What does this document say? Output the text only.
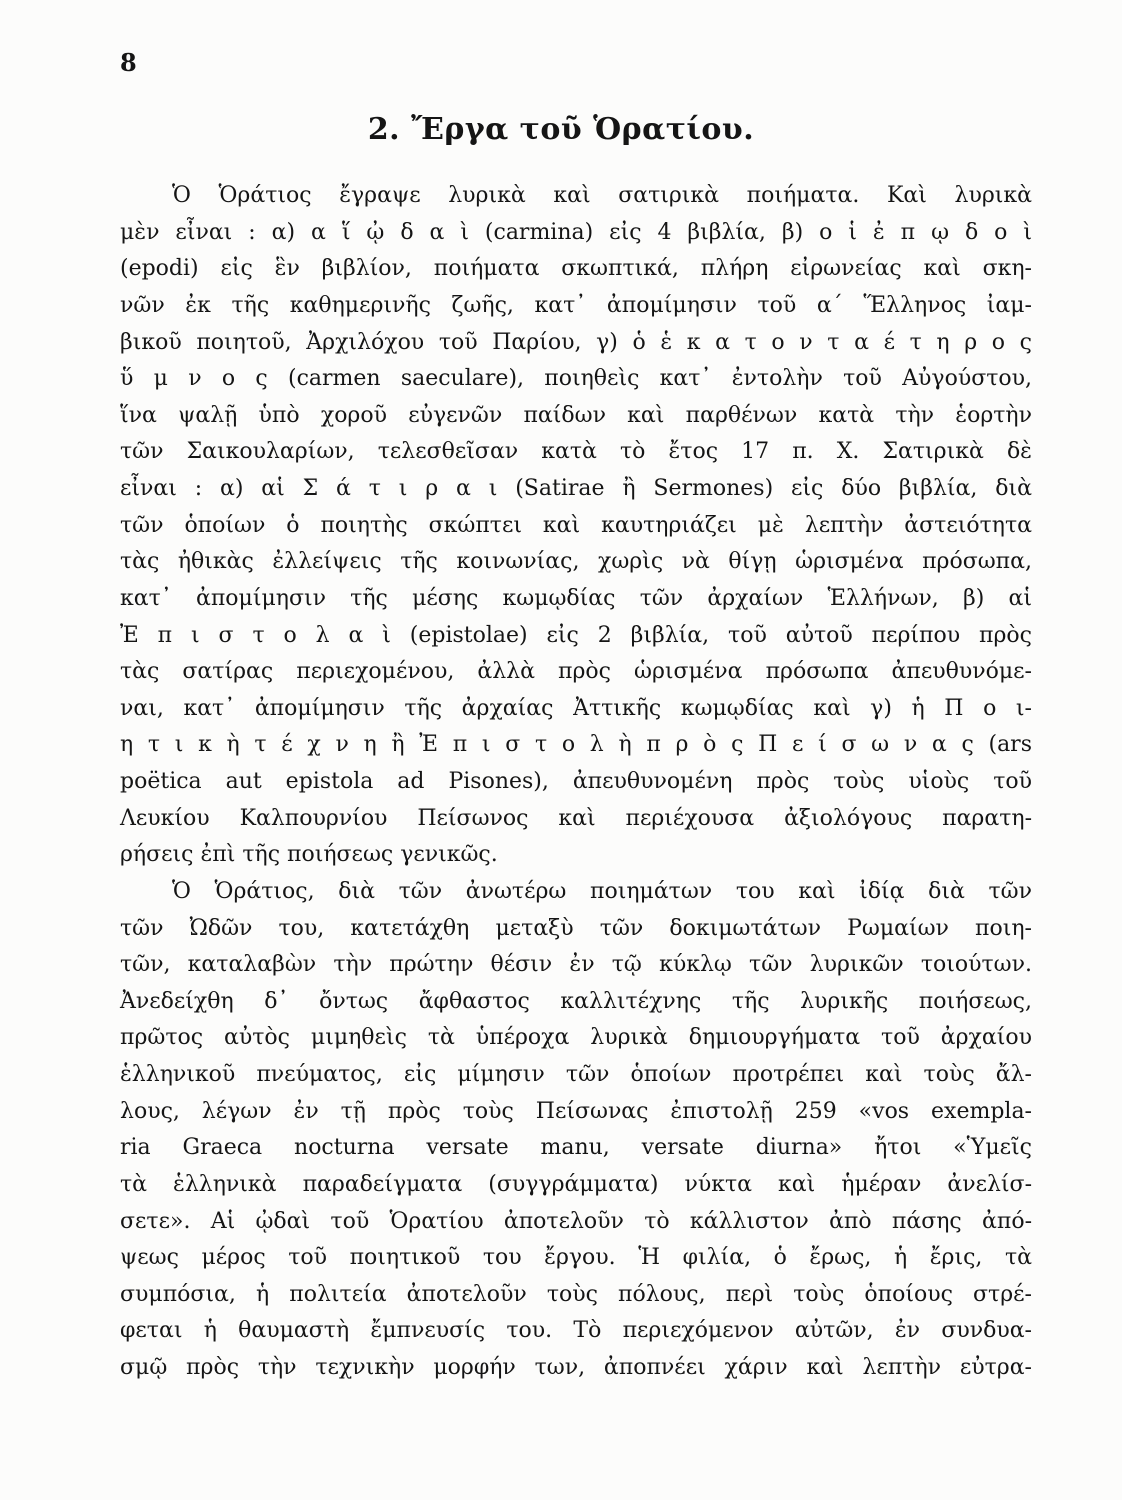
8
2. Ἔργα τοῦ Ὁρατίου.
Ὁ Ὁράτιος ἔγραψε λυρικὰ καὶ σατιρικὰ ποιήματα. Καὶ λυρικὰ
μὲν εἶναι : α) α ἵ ᾠ δ α ὶ (carmina) εἰς 4 βιβλία, β) ο ἱ ἐ π ῳ δ ο ὶ
(epodi) εἰς ἓν βιβλίον, ποιήματα σκωπτικά, πλήρη εἰρωνείας καὶ σκη-
νῶν ἐκ τῆς καθημερινῆς ζωῆς, κατ᾽ ἀπομίμησιν τοῦ α΄ Ἕλληνος ἰαμ-
βικοῦ ποιητοῦ, Ἀρχιλόχου τοῦ Παρίου, γ) ὁ ἑ κ α τ ο ν τ α έ τ η ρ ο ς
ὕ μ ν ο ς (carmen saeculare), ποιηθεὶς κατ᾽ ἐντολὴν τοῦ Αὐγούστου,
ἵνα ψαλῇ ὑπὸ χοροῦ εὐγενῶν παίδων καὶ παρθένων κατὰ τὴν ἑορτὴν
τῶν Σαικουλαρίων, τελεσθεῖσαν κατὰ τὸ ἔτος 17 π. Χ. Σατιρικὰ δὲ
εἶναι : α) αἱ Σ ά τ ι ρ α ι (Satirae ἢ Sermones) εἰς δύο βιβλία, διὰ
τῶν ὁποίων ὁ ποιητὴς σκώπτει καὶ καυτηριάζει μὲ λεπτὴν ἀστειότητα
τὰς ἠθικὰς ἐλλείψεις τῆς κοινωνίας, χωρὶς νὰ θίγῃ ὡρισμένα πρόσωπα,
κατ᾽ ἀπομίμησιν τῆς μέσης κωμῳδίας τῶν ἀρχαίων Ἑλλήνων, β) αἱ
Ἐ π ι σ τ ο λ α ὶ (epistolae) εἰς 2 βιβλία, τοῦ αὐτοῦ περίπου πρὸς
τὰς σατίρας περιεχομένου, ἀλλὰ πρὸς ὡρισμένα πρόσωπα ἀπευθυνόμε-
ναι, κατ᾽ ἀπομίμησιν τῆς ἀρχαίας Ἀττικῆς κωμῳδίας καὶ γ) ἡ Π ο ι-
η τ ι κ ὴ τ έ χ ν η ἢ Ἐ π ι σ τ ο λ ὴ π ρ ὸ ς Π ε ί σ ω ν α ς (ars
poëtica aut epistola ad Pisones), ἀπευθυνομένη πρὸς τοὺς υἱοὺς τοῦ
Λευκίου Καλπουρνίου Πείσωνος καὶ περιέχουσα ἀξιολόγους παρατη-
ρήσεις ἐπὶ τῆς ποιήσεως γενικῶς.
Ὁ Ὁράτιος, διὰ τῶν ἀνωτέρω ποιημάτων του καὶ ἰδίᾳ διὰ τῶν
τῶν Ὠδῶν του, κατετάχθη μεταξὺ τῶν δοκιμωτάτων Ρωμαίων ποιη-
τῶν, καταλαβὼν τὴν πρώτην θέσιν ἐν τῷ κύκλῳ τῶν λυρικῶν τοιούτων.
Ἀνεδείχθη δ᾽ ὄντως ἄφθαστος καλλιτέχνης τῆς λυρικῆς ποιήσεως,
πρῶτος αὐτὸς μιμηθεὶς τὰ ὑπέροχα λυρικὰ δημιουργήματα τοῦ ἀρχαίου
ἑλληνικοῦ πνεύματος, εἰς μίμησιν τῶν ὁποίων προτρέπει καὶ τοὺς ἄλ-
λους, λέγων ἐν τῇ πρὸς τοὺς Πείσωνας ἐπιστολῇ 259 «vos exempla-
ria Graeca nocturna versate manu, versate diurna» ἤτοι «Ὑμεῖς
τὰ ἑλληνικὰ παραδείγματα (συγγράμματα) νύκτα καὶ ἡμέραν ἀνελίσ-
σετε». Αἱ ᾠδαὶ τοῦ Ὁρατίου ἀποτελοῦν τὸ κάλλιστον ἀπὸ πάσης ἀπό-
ψεως μέρος τοῦ ποιητικοῦ του ἔργου. Ἡ φιλία, ὁ ἔρως, ἡ ἔρις, τὰ
συμπόσια, ἡ πολιτεία ἀποτελοῦν τοὺς πόλους, περὶ τοὺς ὁποίους στρέ-
φεται ἡ θαυμαστὴ ἔμπνευσίς του. Τὸ περιεχόμενον αὐτῶν, ἐν συνδυα-
σμῷ πρὸς τὴν τεχνικὴν μορφήν των, ἀποπνέει χάριν καὶ λεπτὴν εὐτρα-
